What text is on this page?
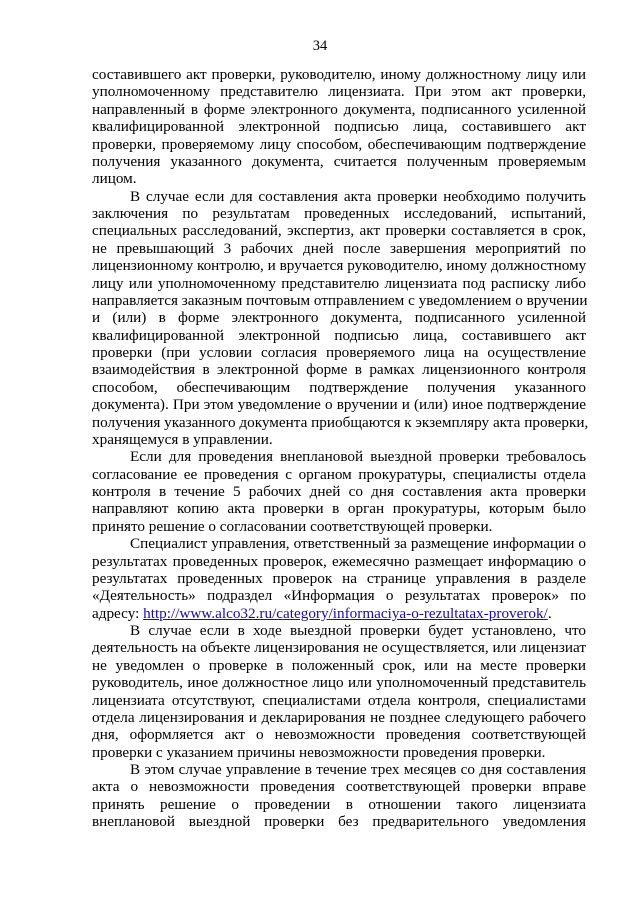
34
составившего акт проверки, руководителю, иному должностному лицу или
уполномоченному представителю лицензиата. При этом акт проверки,
направленный в форме электронного документа, подписанного усиленной
квалифицированной электронной подписью лица, составившего акт
проверки, проверяемому лицу способом, обеспечивающим подтверждение
получения указанного документа, считается полученным проверяемым
лицом.
В случае если для составления акта проверки необходимо получить
заключения по результатам проведенных исследований, испытаний,
специальных расследований, экспертиз, акт проверки составляется в срок,
не превышающий 3 рабочих дней после завершения мероприятий по
лицензионному контролю, и вручается руководителю, иному должностному
лицу или уполномоченному представителю лицензиата под расписку либо
направляется заказным почтовым отправлением с уведомлением о вручении
и (или) в форме электронного документа, подписанного усиленной
квалифицированной электронной подписью лица, составившего акт
проверки (при условии согласия проверяемого лица на осуществление
взаимодействия в электронной форме в рамках лицензионного контроля
способом, обеспечивающим подтверждение получения указанного
документа). При этом уведомление о вручении и (или) иное подтверждение
получения указанного документа приобщаются к экземпляру акта проверки,
хранящемуся в управлении.
Если для проведения внеплановой выездной проверки требовалось
согласование ее проведения с органом прокуратуры, специалисты отдела
контроля в течение 5 рабочих дней со дня составления акта проверки
направляют копию акта проверки в орган прокуратуры, которым было
принято решение о согласовании соответствующей проверки.
Специалист управления, ответственный за размещение информации о
результатах проведенных проверок, ежемесячно размещает информацию о
результатах проведенных проверок на странице управления в разделе
«Деятельность» подраздел «Информация о результатах проверок» по
адресу: http://www.alco32.ru/category/informaciya-o-rezultatax-proverok/.
В случае если в ходе выездной проверки будет установлено, что
деятельность на объекте лицензирования не осуществляется, или лицензиат
не уведомлен о проверке в положенный срок, или на месте проверки
руководитель, иное должностное лицо или уполномоченный представитель
лицензиата отсутствуют, специалистами отдела контроля, специалистами
отдела лицензирования и декларирования не позднее следующего рабочего
дня, оформляется акт о невозможности проведения соответствующей
проверки с указанием причины невозможности проведения проверки.
В этом случае управление в течение трех месяцев со дня составления
акта о невозможности проведения соответствующей проверки вправе
принять решение о проведении в отношении такого лицензиата
внеплановой выездной проверки без предварительного уведомления
